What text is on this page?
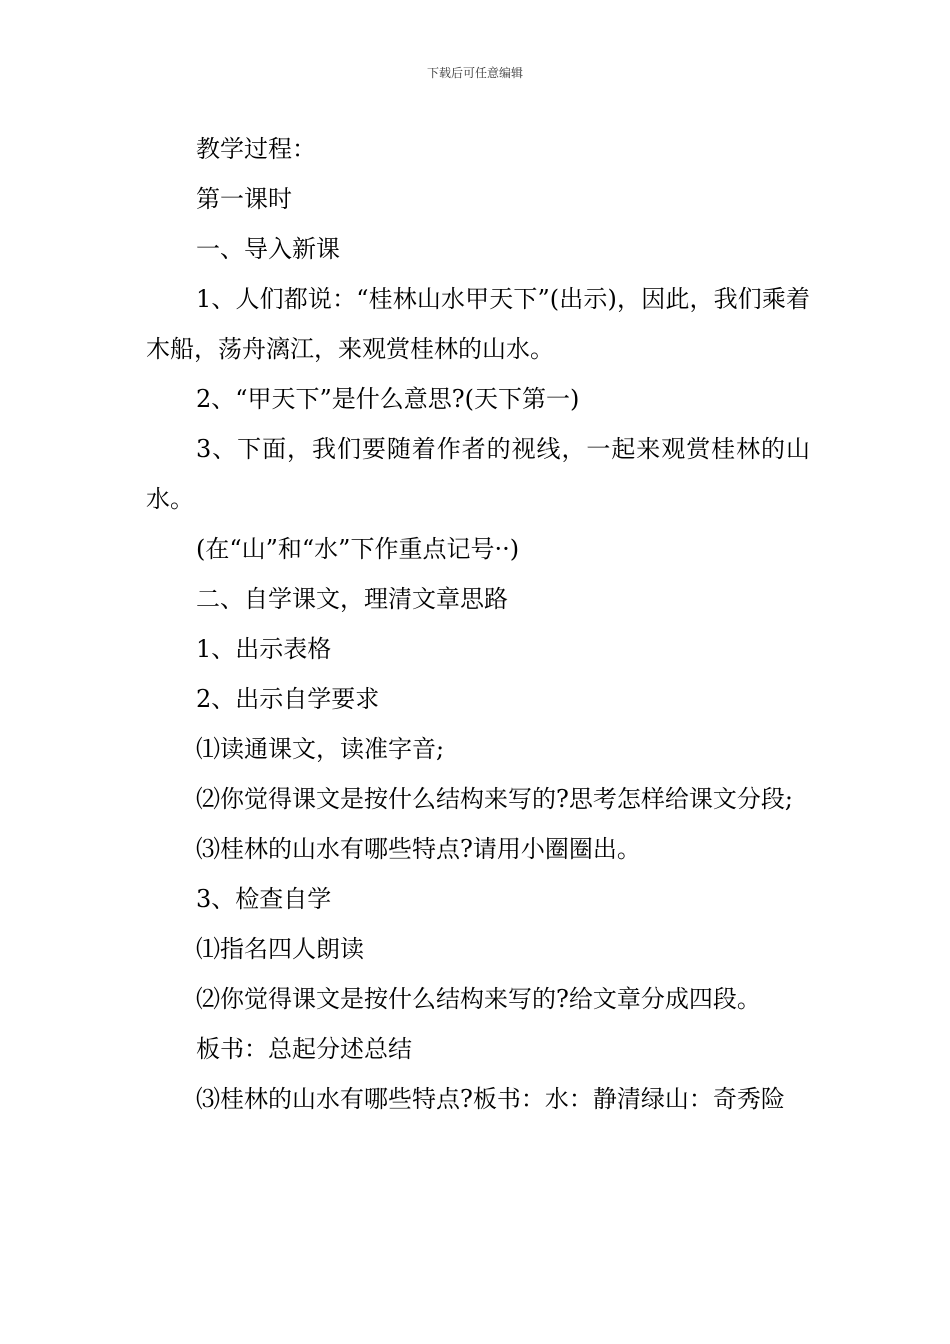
下载后可任意编辑

教学过程：

第一课时

一、导入新课

1、人们都说：“桂林山水甲天下”(出示)，因此，我们乘着木船，荡舟漓江，来观赏桂林的山水。

2、“甲天下”是什么意思?(天下第一)

3、下面，我们要随着作者的视线，一起来观赏桂林的山水。

(在“山”和“水”下作重点记号··)

二、自学课文，理清文章思路

1、出示表格

2、出示自学要求

⑴读通课文，读准字音;

⑵你觉得课文是按什么结构来写的?思考怎样给课文分段;

⑶桂林的山水有哪些特点?请用小圈圈出。

3、检查自学

⑴指名四人朗读

⑵你觉得课文是按什么结构来写的?给文章分成四段。

板书：总起分述总结

⑶桂林的山水有哪些特点?板书：水：静清绿山：奇秀险
